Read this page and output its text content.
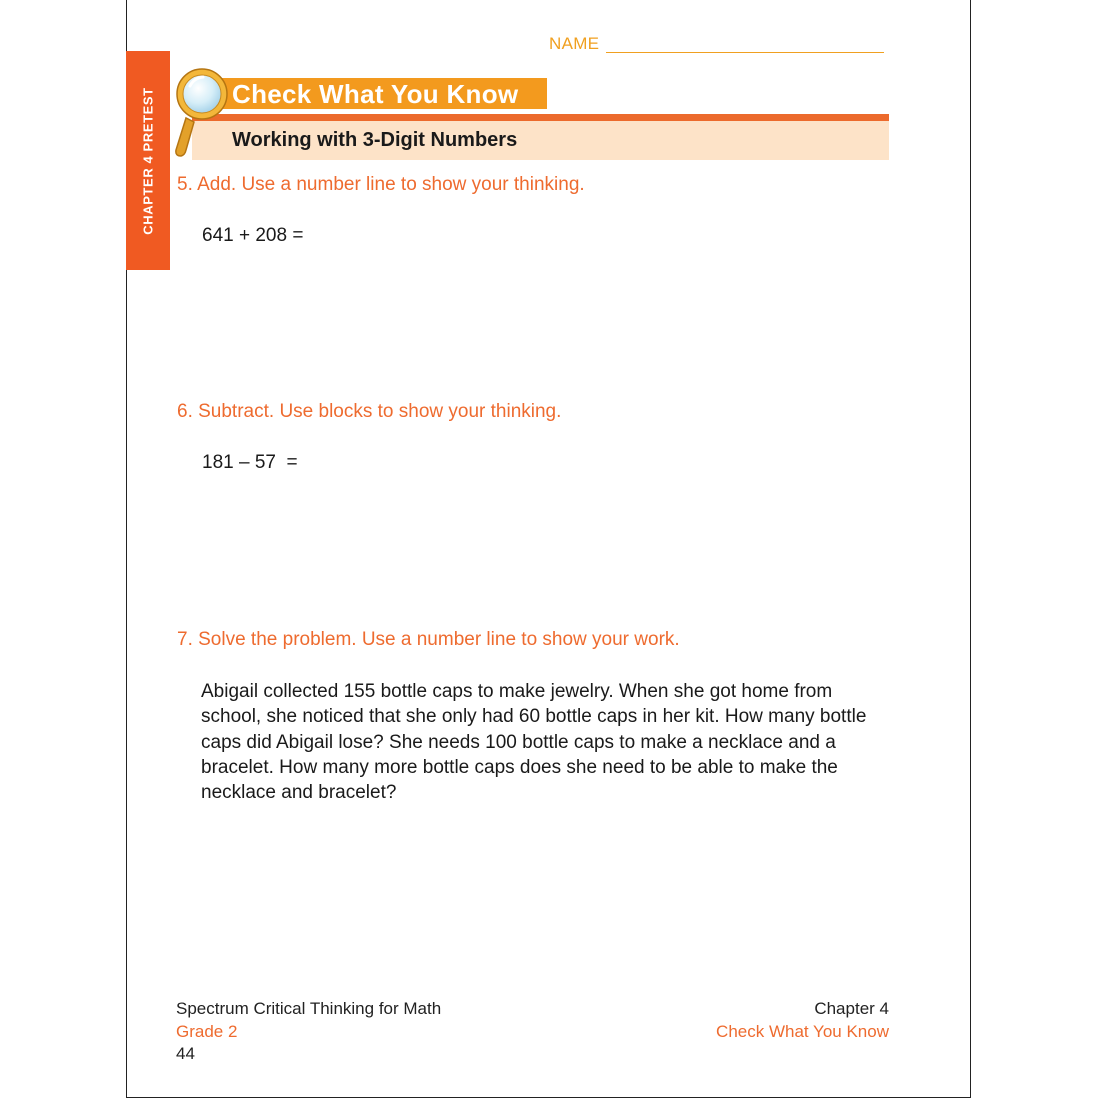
NAME
CHAPTER 4 PRETEST	Check What You Know
Working with 3-Digit Numbers
5. Add. Use a number line to show your thinking.
641 + 208 =
6. Subtract. Use blocks to show your thinking.
181 – 57  =
7. Solve the problem. Use a number line to show your work.
Abigail collected 155 bottle caps to make jewelry. When she got home from
school, she noticed that she only had 60 bottle caps in her kit. How many bottle
caps did Abigail lose? She needs 100 bottle caps to make a necklace and a
bracelet. How many more bottle caps does she need to be able to make the
necklace and bracelet?
Spectrum Critical Thinking for Math
Grade 2
44
Chapter 4
Check What You Know
